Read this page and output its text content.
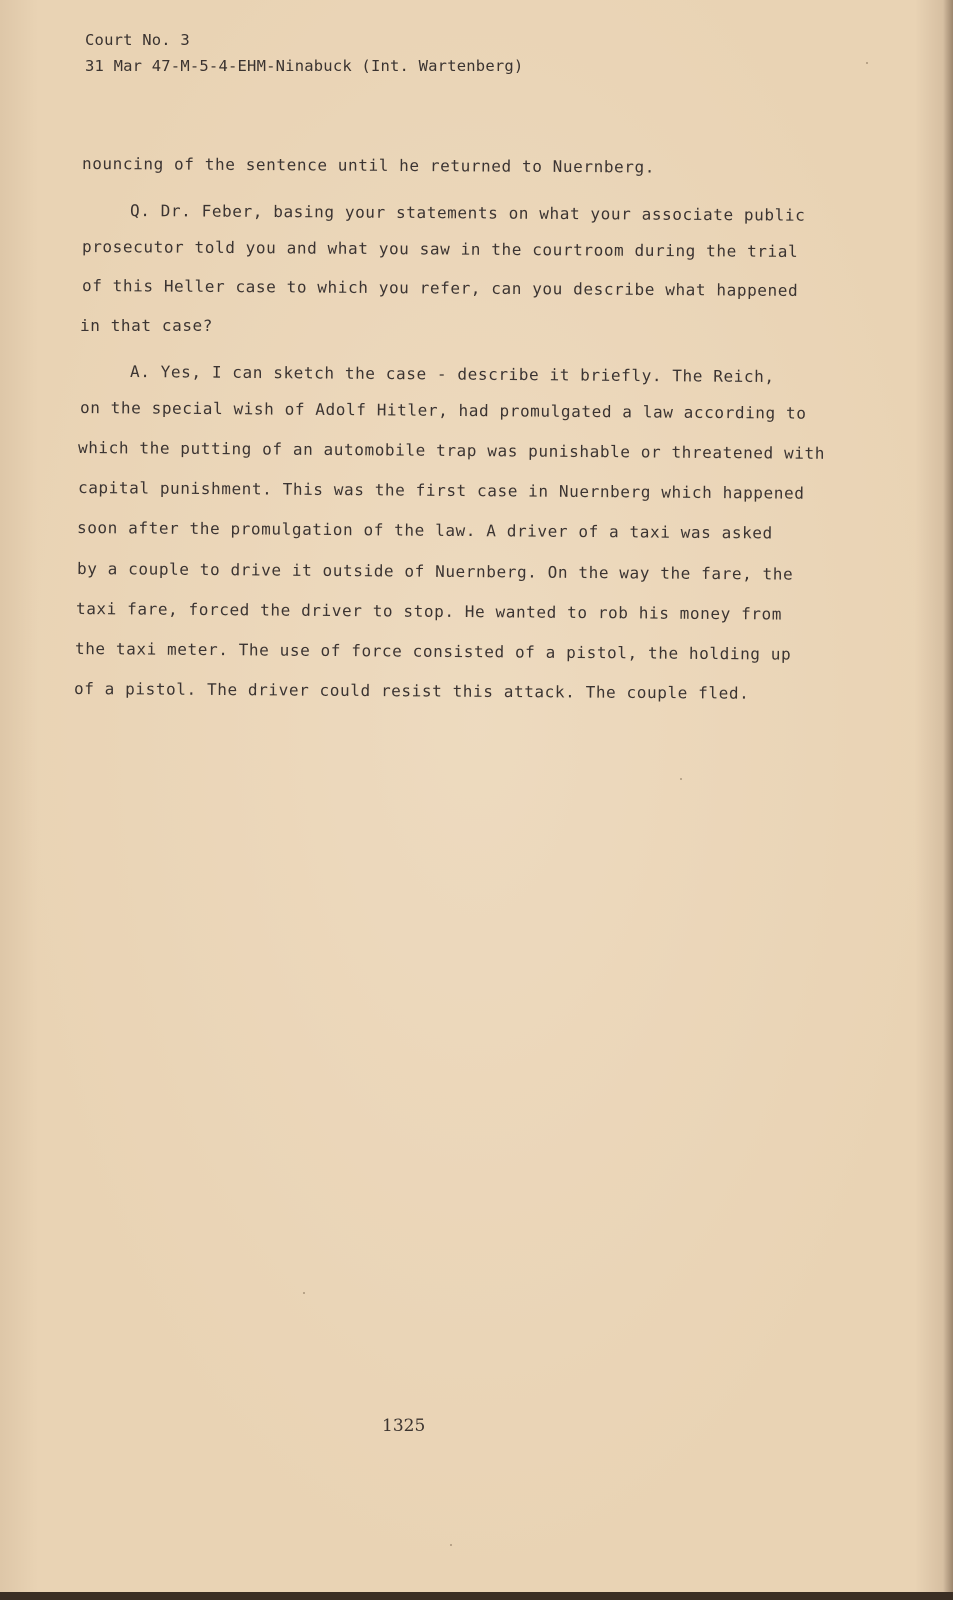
Court No. 3
31 Mar 47-M-5-4-EHM-Ninabuck (Int. Wartenberg)
nouncing of the sentence until he returned to Nuernberg.
Q. Dr. Feber, basing your statements on what your associate public
prosecutor told you and what you saw in the courtroom during the trial
of this Heller case to which you refer, can you describe what happened
in that case?
A. Yes, I can sketch the case - describe it briefly. The Reich,
on the special wish of Adolf Hitler, had promulgated a law according to
which the putting of an automobile trap was punishable or threatened with
capital punishment. This was the first case in Nuernberg which happened
soon after the promulgation of the law. A driver of a taxi was asked
by a couple to drive it outside of Nuernberg. On the way the fare, the
taxi fare, forced the driver to stop. He wanted to rob his money from
the taxi meter. The use of force consisted of a pistol, the holding up
of a pistol. The driver could resist this attack. The couple fled.
1325
